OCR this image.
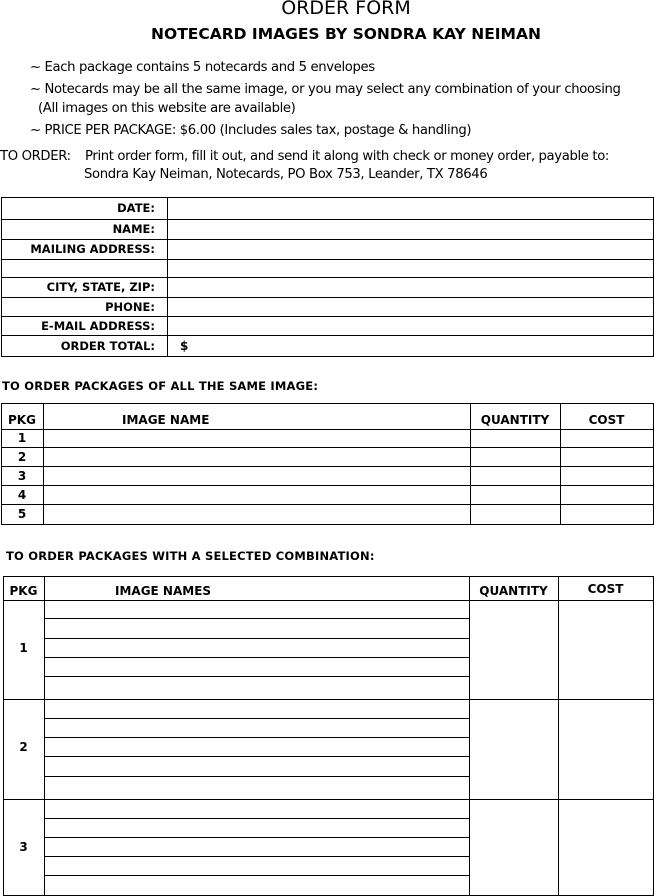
ORDER FORM
NOTECARD IMAGES BY SONDRA KAY NEIMAN
~ Each package contains 5 notecards and 5 envelopes
~ Notecards may be all the same image, or you may select any combination of your choosing
(All images on this website are available)
~ PRICE PER PACKAGE: $6.00 (Includes sales tax, postage & handling)
TO ORDER: Print order form, fill it out, and send it along with check or money order, payable to:
Sondra Kay Neiman, Notecards, PO Box 753, Leander, TX 78646
DATE:
NAME:
MAILING ADDRESS:
CITY, STATE, ZIP:
PHONE:
E-MAIL ADDRESS:
ORDER TOTAL:	$
TO ORDER PACKAGES OF ALL THE SAME IMAGE:
PKG	IMAGE NAME	QUANTITY	COST
1
2
3
4
5
TO ORDER PACKAGES WITH A SELECTED COMBINATION:
PKG	IMAGE NAMES	QUANTITY	COST
1
2
3
